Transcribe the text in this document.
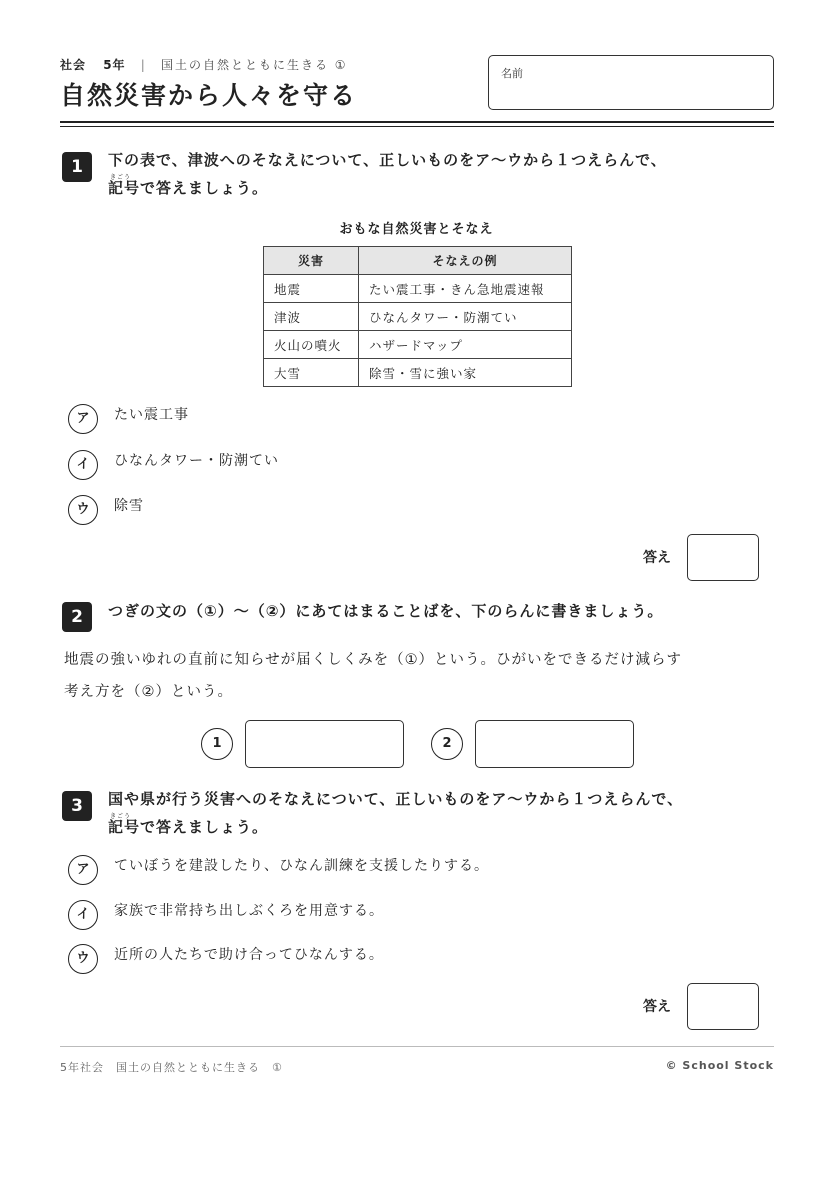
社会 5年 | 国土の自然とともに生きる ①
自然災害から人々を守る
名前
1	下の表で、津波へのそなえについて、正しいものをア〜ウから１つえらんで、
きごう
記号で答えましょう。
おもな自然災害とそなえ
災害	そなえの例
地震	たい震工事・きん急地震速報
津波	ひなんタワー・防潮てい
火山の噴火	ハザードマップ
大雪	除雪・雪に強い家
ア	たい震工事
イ	ひなんタワー・防潮てい
ウ	除雪
答え
2	つぎの文の（①）〜（②）にあてはまることばを、下のらんに書きましょう。
地震の強いゆれの直前に知らせが届くしくみを（①）という。ひがいをできるだけ減らす
考え方を（②）という。
1	2
3	国や県が行う災害へのそなえについて、正しいものをア〜ウから１つえらんで、
きごう
記号で答えましょう。
ア	ていぼうを建設したり、ひなん訓練を支援したりする。
イ	家族で非常持ち出しぶくろを用意する。
ウ	近所の人たちで助け合ってひなんする。
答え
5年社会　国土の自然とともに生きる　①	© School Stock
